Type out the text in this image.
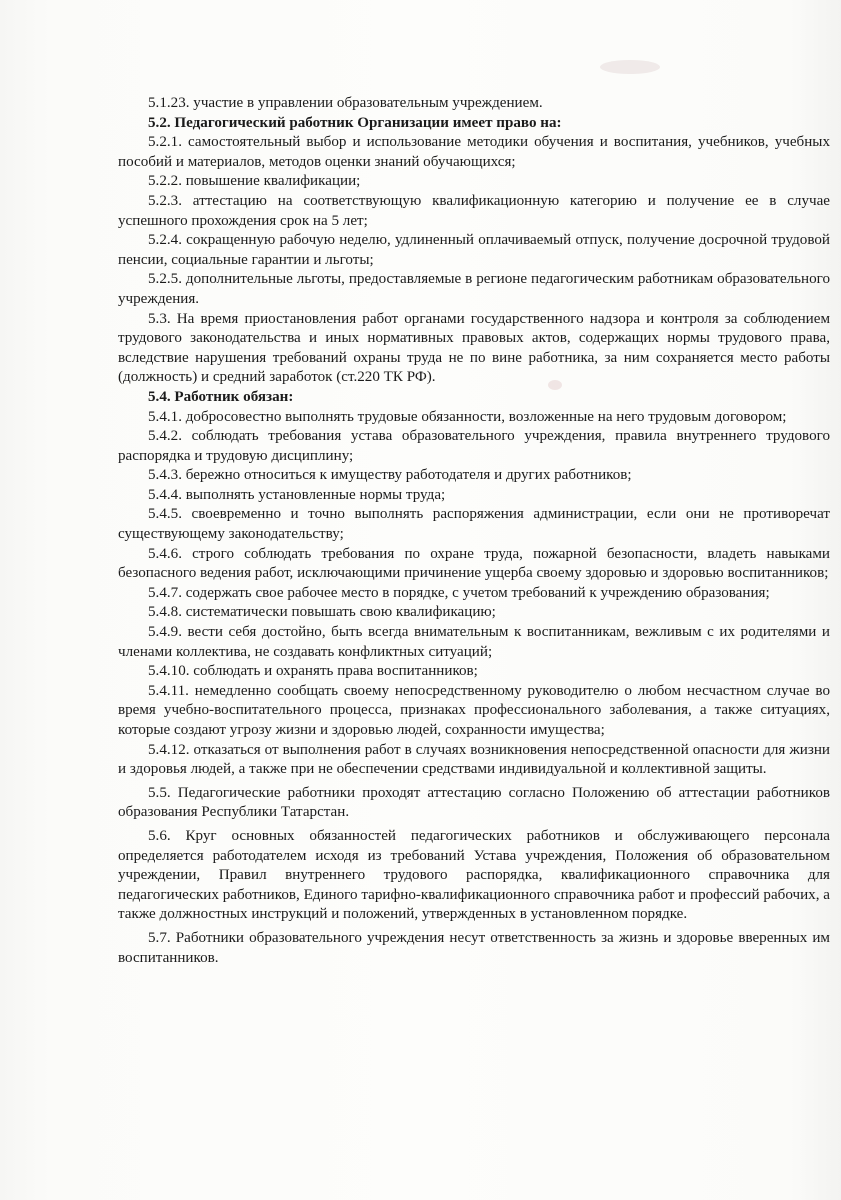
5.1.23. участие в управлении образовательным учреждением.

5.2. Педагогический работник Организации имеет право на:

5.2.1. самостоятельный выбор и использование методики обучения и воспитания, учебников, учебных пособий и материалов, методов оценки знаний обучающихся;

5.2.2. повышение квалификации;

5.2.3. аттестацию на соответствующую квалификационную категорию и получение ее в случае успешного прохождения срок на 5 лет;

5.2.4. сокращенную рабочую неделю, удлиненный оплачиваемый отпуск, получение досрочной трудовой пенсии, социальные гарантии и льготы;

5.2.5. дополнительные льготы, предоставляемые в регионе педагогическим работникам образовательного учреждения.

5.3. На время приостановления работ органами государственного надзора и контроля за соблюдением трудового законодательства и иных нормативных правовых актов, содержащих нормы трудового права, вследствие нарушения требований охраны труда не по вине работника, за ним сохраняется место работы (должность) и средний заработок (ст.220 ТК РФ).

5.4. Работник обязан:

5.4.1. добросовестно выполнять трудовые обязанности, возложенные на него трудовым договором;

5.4.2. соблюдать требования устава образовательного учреждения, правила внутреннего трудового распорядка и трудовую дисциплину;

5.4.3. бережно относиться к имуществу работодателя и других работников;

5.4.4. выполнять установленные нормы труда;

5.4.5. своевременно и точно выполнять распоряжения администрации, если они не противоречат существующему законодательству;

5.4.6. строго соблюдать требования по охране труда, пожарной безопасности, владеть навыками безопасного ведения работ, исключающими причинение ущерба своему здоровью и здоровью воспитанников;

5.4.7. содержать свое рабочее место в порядке, с учетом требований к учреждению образования;

5.4.8. систематически повышать свою квалификацию;

5.4.9. вести себя достойно, быть всегда внимательным к воспитанникам, вежливым с их родителями и членами коллектива, не создавать конфликтных ситуаций;

5.4.10. соблюдать и охранять права воспитанников;

5.4.11. немедленно сообщать своему непосредственному руководителю о любом несчастном случае во время учебно-воспитательного процесса, признаках профессионального заболевания, а также ситуациях, которые создают угрозу жизни и здоровью людей, сохранности имущества;

5.4.12. отказаться от выполнения работ в случаях возникновения непосредственной опасности для жизни и здоровья людей, а также при не обеспечении средствами индивидуальной и коллективной защиты.

5.5. Педагогические работники проходят аттестацию согласно Положению об аттестации работников образования Республики Татарстан.

5.6. Круг основных обязанностей педагогических работников и обслуживающего персонала определяется работодателем исходя из требований Устава учреждения, Положения об образовательном учреждении, Правил внутреннего трудового распорядка, квалификационного справочника для педагогических работников, Единого тарифно-квалификационного справочника работ и профессий рабочих, а также должностных инструкций и положений, утвержденных в установленном порядке.

5.7. Работники образовательного учреждения несут ответственность за жизнь и здоровье вверенных им воспитанников.
